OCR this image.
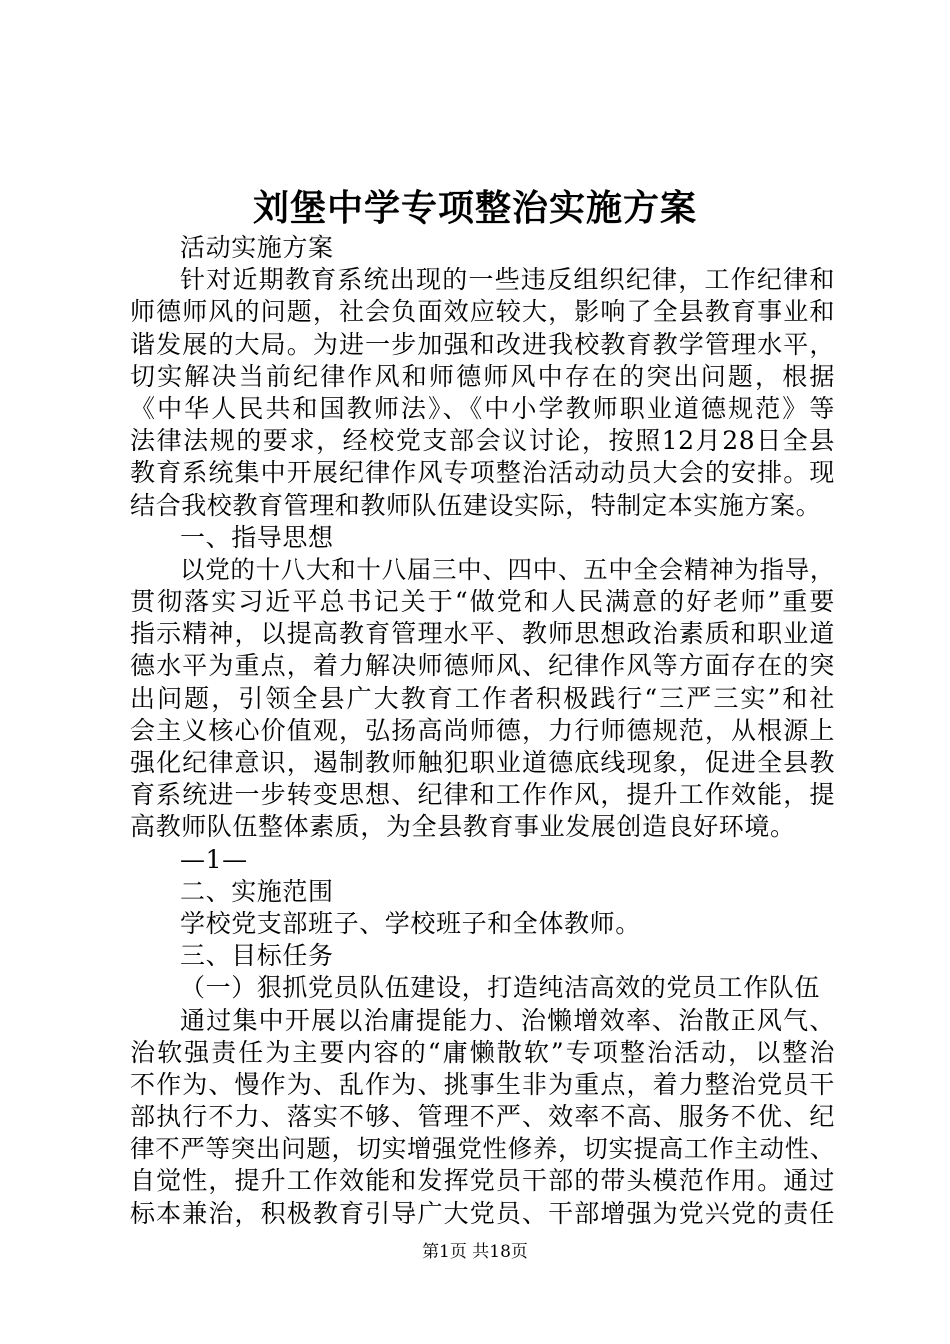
刘堡中学专项整治实施方案
活动实施方案
针对近期教育系统出现的一些违反组织纪律，工作纪律和
师德师风的问题，社会负面效应较大，影响了全县教育事业和
谐发展的大局。为进一步加强和改进我校教育教学管理水平，
切实解决当前纪律作风和师德师风中存在的突出问题，根据
《中华人民共和国教师法》、《中小学教师职业道德规范》等
法律法规的要求，经校党支部会议讨论，按照12月28日全县
教育系统集中开展纪律作风专项整治活动动员大会的安排。现
结合我校教育管理和教师队伍建设实际，特制定本实施方案。
一、指导思想
以党的十八大和十八届三中、四中、五中全会精神为指导，
贯彻落实习近平总书记关于“做党和人民满意的好老师”重要
指示精神，以提高教育管理水平、教师思想政治素质和职业道
德水平为重点，着力解决师德师风、纪律作风等方面存在的突
出问题，引领全县广大教育工作者积极践行“三严三实”和社
会主义核心价值观，弘扬高尚师德，力行师德规范，从根源上
强化纪律意识，遏制教师触犯职业道德底线现象，促进全县教
育系统进一步转变思想、纪律和工作作风，提升工作效能，提
高教师队伍整体素质，为全县教育事业发展创造良好环境。
—1—
二、实施范围
学校党支部班子、学校班子和全体教师。
三、目标任务
（一）狠抓党员队伍建设，打造纯洁高效的党员工作队伍
通过集中开展以治庸提能力、治懒增效率、治散正风气、
治软强责任为主要内容的“庸懒散软”专项整治活动，以整治
不作为、慢作为、乱作为、挑事生非为重点，着力整治党员干
部执行不力、落实不够、管理不严、效率不高、服务不优、纪
律不严等突出问题，切实增强党性修养，切实提高工作主动性、
自觉性，提升工作效能和发挥党员干部的带头模范作用。通过
标本兼治，积极教育引导广大党员、干部增强为党兴党的责任
第1页 共18页
